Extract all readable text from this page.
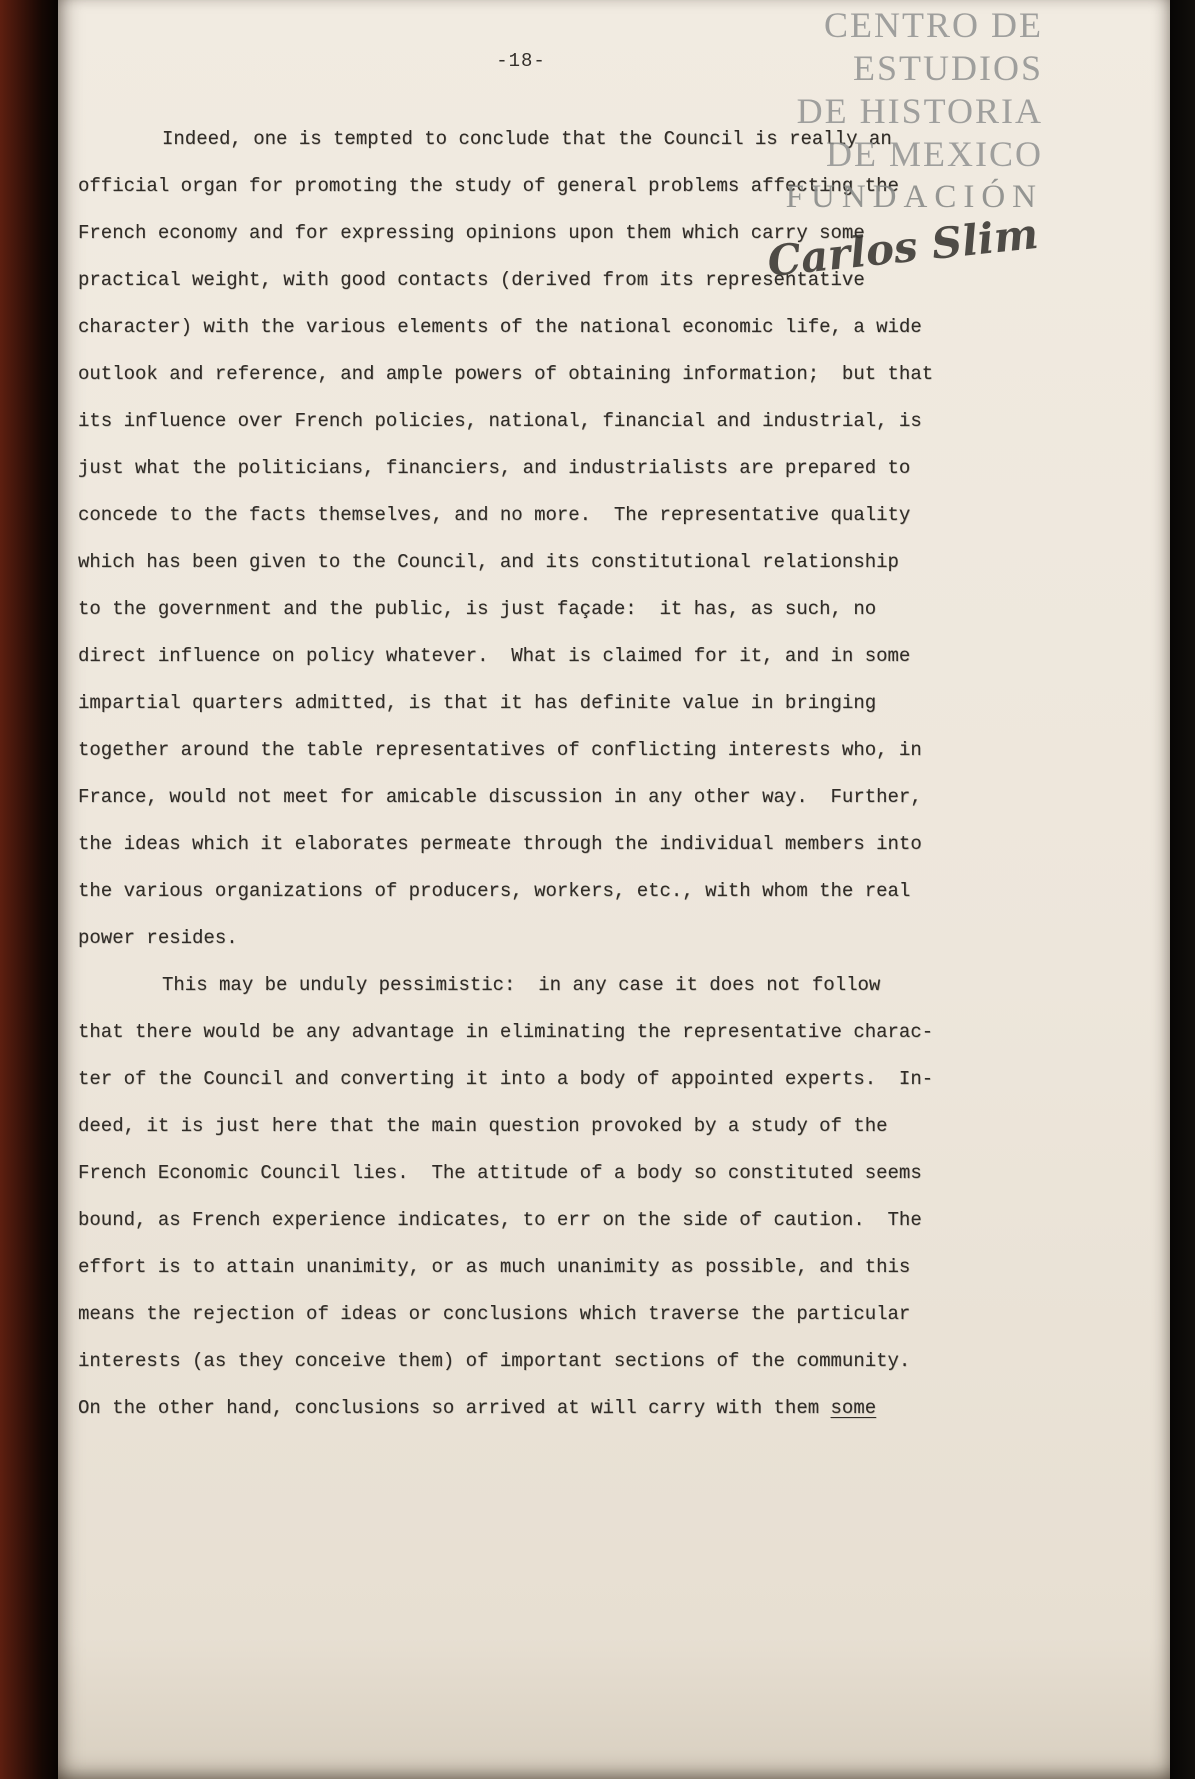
CENTRO DE
ESTUDIOS
DE HISTORIA
DE MEXICO
FUNDACIÓN
Carlos Slim
-18-
Indeed, one is tempted to conclude that the Council is really an
official organ for promoting the study of general problems affecting the
French economy and for expressing opinions upon them which carry some
practical weight, with good contacts (derived from its representative
character) with the various elements of the national economic life, a wide
outlook and reference, and ample powers of obtaining information;  but that
its influence over French policies, national, financial and industrial, is
just what the politicians, financiers, and industrialists are prepared to
concede to the facts themselves, and no more.  The representative quality
which has been given to the Council, and its constitutional relationship
to the government and the public, is just façade:  it has, as such, no
direct influence on policy whatever.  What is claimed for it, and in some
impartial quarters admitted, is that it has definite value in bringing
together around the table representatives of conflicting interests who, in
France, would not meet for amicable discussion in any other way.  Further,
the ideas which it elaborates permeate through the individual members into
the various organizations of producers, workers, etc., with whom the real
power resides.
This may be unduly pessimistic:  in any case it does not follow
that there would be any advantage in eliminating the representative charac-
ter of the Council and converting it into a body of appointed experts.  In-
deed, it is just here that the main question provoked by a study of the
French Economic Council lies.  The attitude of a body so constituted seems
bound, as French experience indicates, to err on the side of caution.  The
effort is to attain unanimity, or as much unanimity as possible, and this
means the rejection of ideas or conclusions which traverse the particular
interests (as they conceive them) of important sections of the community.
On the other hand, conclusions so arrived at will carry with them some
